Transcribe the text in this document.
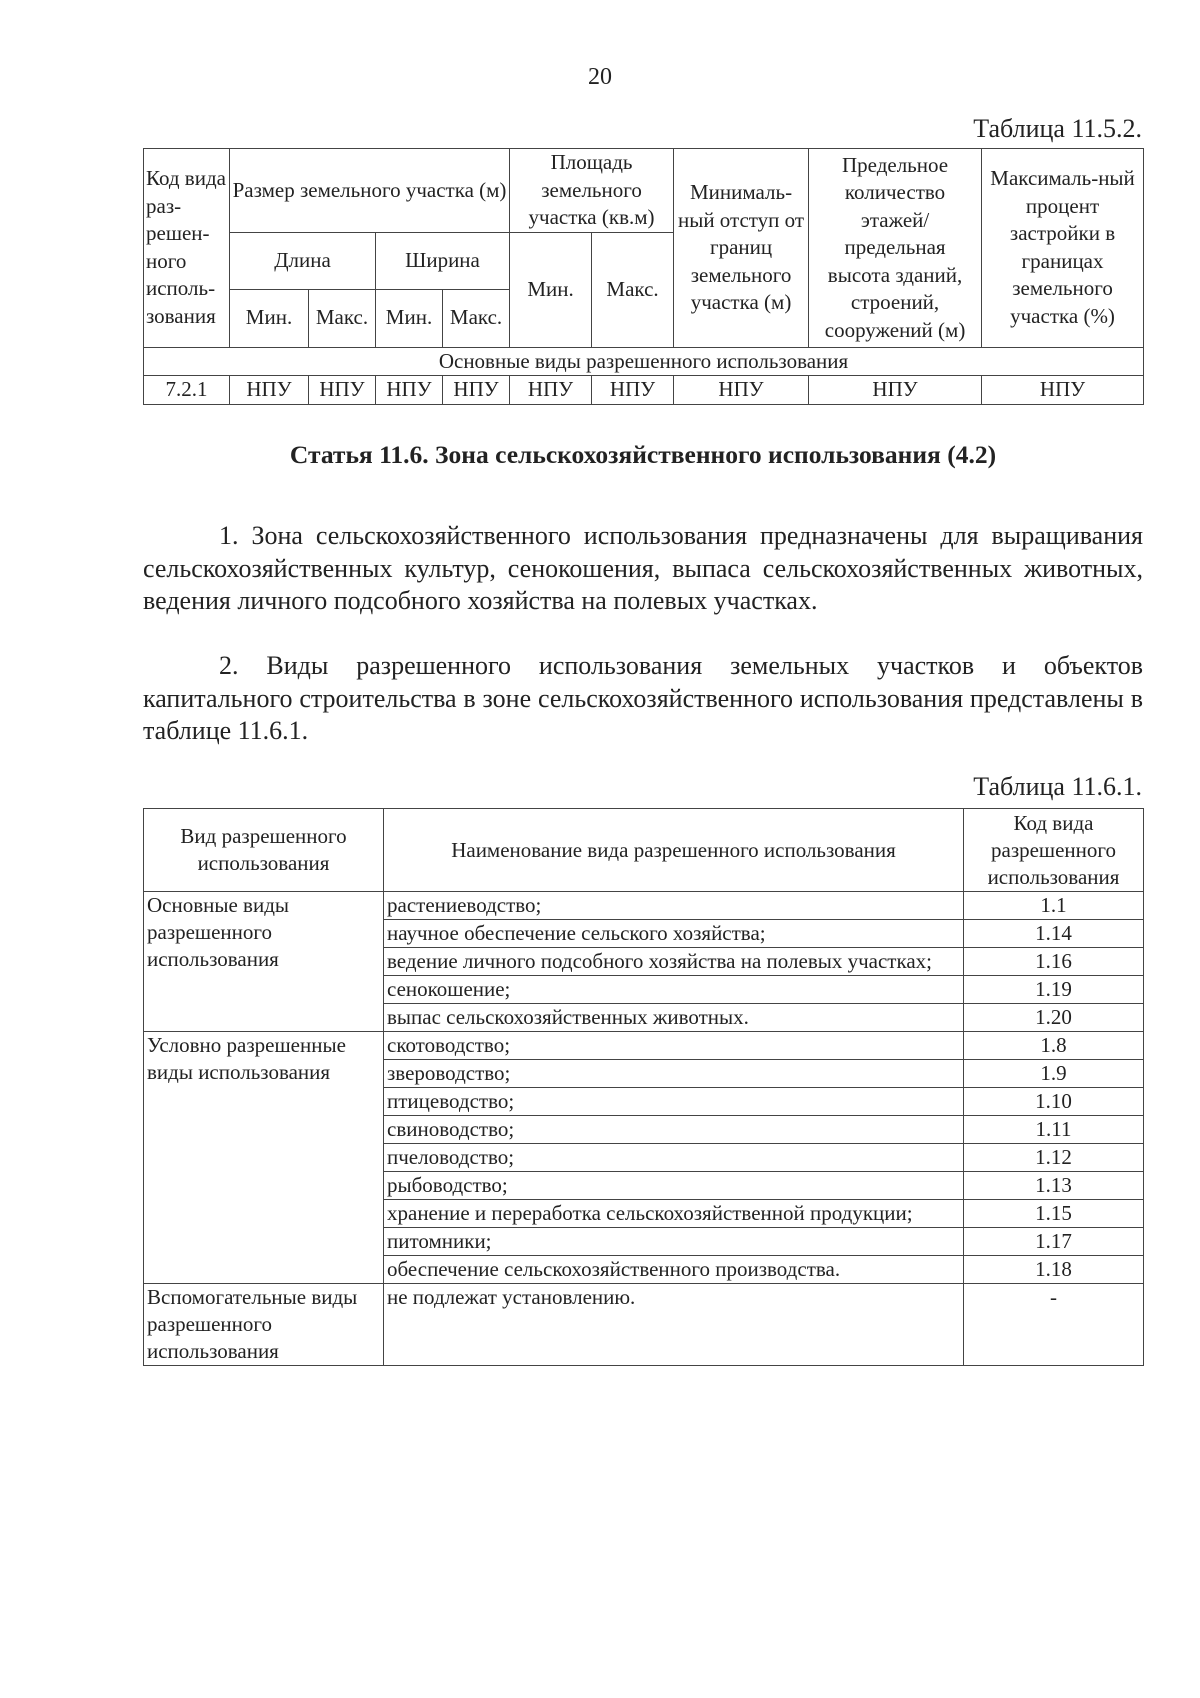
20
Таблица 11.5.2.
Код вида раз-решен-ного исполь-зования	Размер земельного участка (м)				Площадь земельного участка (кв.м)		Минималь-ный отступ от границ земельного участка (м)	Предельное количество этажей/ предельная высота зданий, строений, сооружений (м)	Максималь-ный процент застройки в границах земельного участка (%)
	Длина		Ширина		Мин.	Макс.			
	Мин.	Макс.	Мин.	Макс.					
Основные виды разрешенного использования									
7.2.1	НПУ	НПУ	НПУ	НПУ	НПУ	НПУ	НПУ	НПУ	НПУ
Статья 11.6. Зона сельскохозяйственного использования (4.2)

1. Зона сельскохозяйственного использования предназначены для выращивания сельскохозяйственных культур, сенокошения, выпаса сельскохозяйственных животных, ведения личного подсобного хозяйства на полевых участках.

2. Виды разрешенного использования земельных участков и объектов капитального строительства в зоне сельскохозяйственного использования представлены в таблице 11.6.1.

Таблица 11.6.1.
Вид разрешенного использования	Наименование вида разрешенного использования	Код вида разрешенного использования
Основные виды разрешенного использования	растениеводство;	1.1
	научное обеспечение сельского хозяйства;	1.14
	ведение личного подсобного хозяйства на полевых участках;	1.16
	сенокошение;	1.19
	выпас сельскохозяйственных животных.	1.20
Условно разрешенные виды использования	скотоводство;	1.8
	звероводство;	1.9
	птицеводство;	1.10
	свиноводство;	1.11
	пчеловодство;	1.12
	рыбоводство;	1.13
	хранение и переработка сельскохозяйственной продукции;	1.15
	питомники;	1.17
	обеспечение сельскохозяйственного производства.	1.18
Вспомогательные виды разрешенного использования	не подлежат установлению.	-
